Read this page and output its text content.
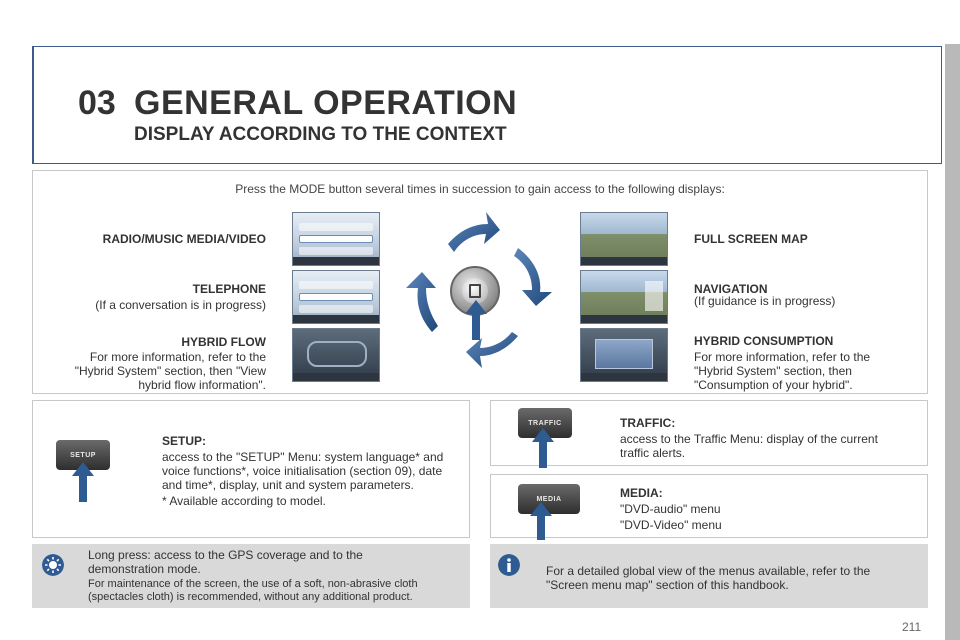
03 GENERAL OPERATION
DISPLAY ACCORDING TO THE CONTEXT
Press the MODE button several times in succession to gain access to the following displays:
RADIO/MUSIC MEDIA/VIDEO
TELEPHONE
(If a conversation is in progress)
HYBRID FLOW
For more information, refer to the "Hybrid System" section, then "View hybrid flow information".
FULL SCREEN MAP
NAVIGATION
(If guidance is in progress)
HYBRID CONSUMPTION
For more information, refer to the "Hybrid System" section, then "Consumption of your hybrid".
SETUP
SETUP:
access to the "SETUP" Menu: system language* and voice functions*, voice initialisation (section 09), date and time*, display, unit and system parameters.
* Available according to model.
TRAFFIC	TRAFFIC:
access to the Traffic Menu: display of the current traffic alerts.
MEDIA	MEDIA:
"DVD-audio" menu
"DVD-Video" menu
Long press: access to the GPS coverage and to the demonstration mode.
For maintenance of the screen, the use of a soft, non-abrasive cloth (spectacles cloth) is recommended, without any additional product.
For a detailed global view of the menus available, refer to the "Screen menu map" section of this handbook.
211
